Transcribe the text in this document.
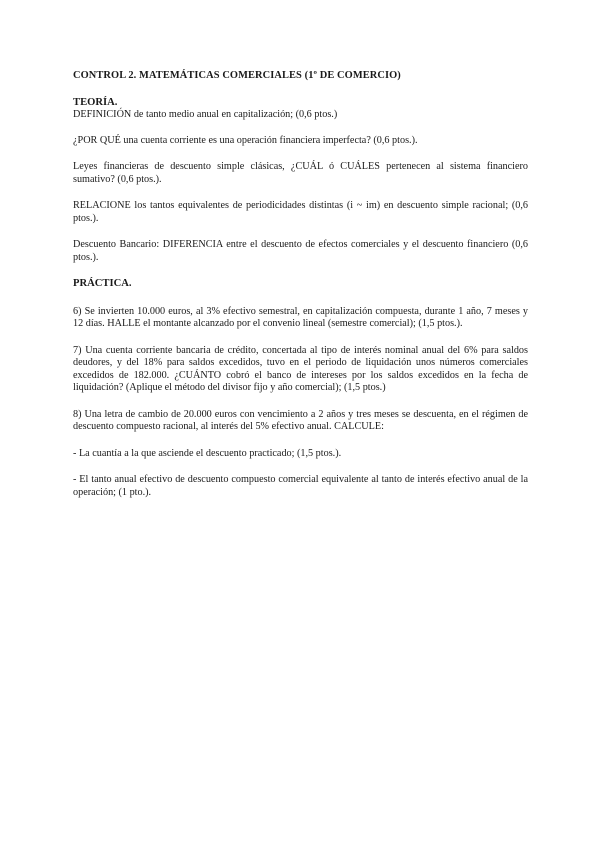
CONTROL 2. MATEMÁTICAS COMERCIALES (1º DE COMERCIO)

TEORÍA.

DEFINICIÓN de tanto medio anual en capitalización; (0,6 ptos.)

¿POR QUÉ una cuenta corriente es una operación financiera imperfecta? (0,6 ptos.).

Leyes financieras de descuento simple clásicas, ¿CUÁL ó CUÁLES pertenecen al sistema financiero sumativo? (0,6 ptos.).

RELACIONE los tantos equivalentes de periodicidades distintas (i ~ im) en descuento simple racional; (0,6 ptos.).

Descuento Bancario: DIFERENCIA entre el descuento de efectos comerciales y el descuento financiero (0,6 ptos.).

PRÁCTICA.

6) Se invierten 10.000 euros, al 3% efectivo semestral, en capitalización compuesta, durante 1 año, 7 meses y 12 días. HALLE el montante alcanzado por el convenio lineal (semestre comercial); (1,5 ptos.).

7) Una cuenta corriente bancaria de crédito, concertada al tipo de interés nominal anual del 6% para saldos deudores, y del 18% para saldos excedidos, tuvo en el periodo de liquidación unos números comerciales excedidos de 182.000. ¿CUÁNTO cobró el banco de intereses por los saldos excedidos en la fecha de liquidación? (Aplique el método del divisor fijo y año comercial); (1,5 ptos.)

8) Una letra de cambio de 20.000 euros con vencimiento a 2 años y tres meses se descuenta, en el régimen de descuento compuesto racional, al interés del 5% efectivo anual. CALCULE:

- La cuantía a la que asciende el descuento practicado; (1,5 ptos.).

- El tanto anual efectivo de descuento compuesto comercial equivalente al tanto de interés efectivo anual de la operación; (1 pto.).
